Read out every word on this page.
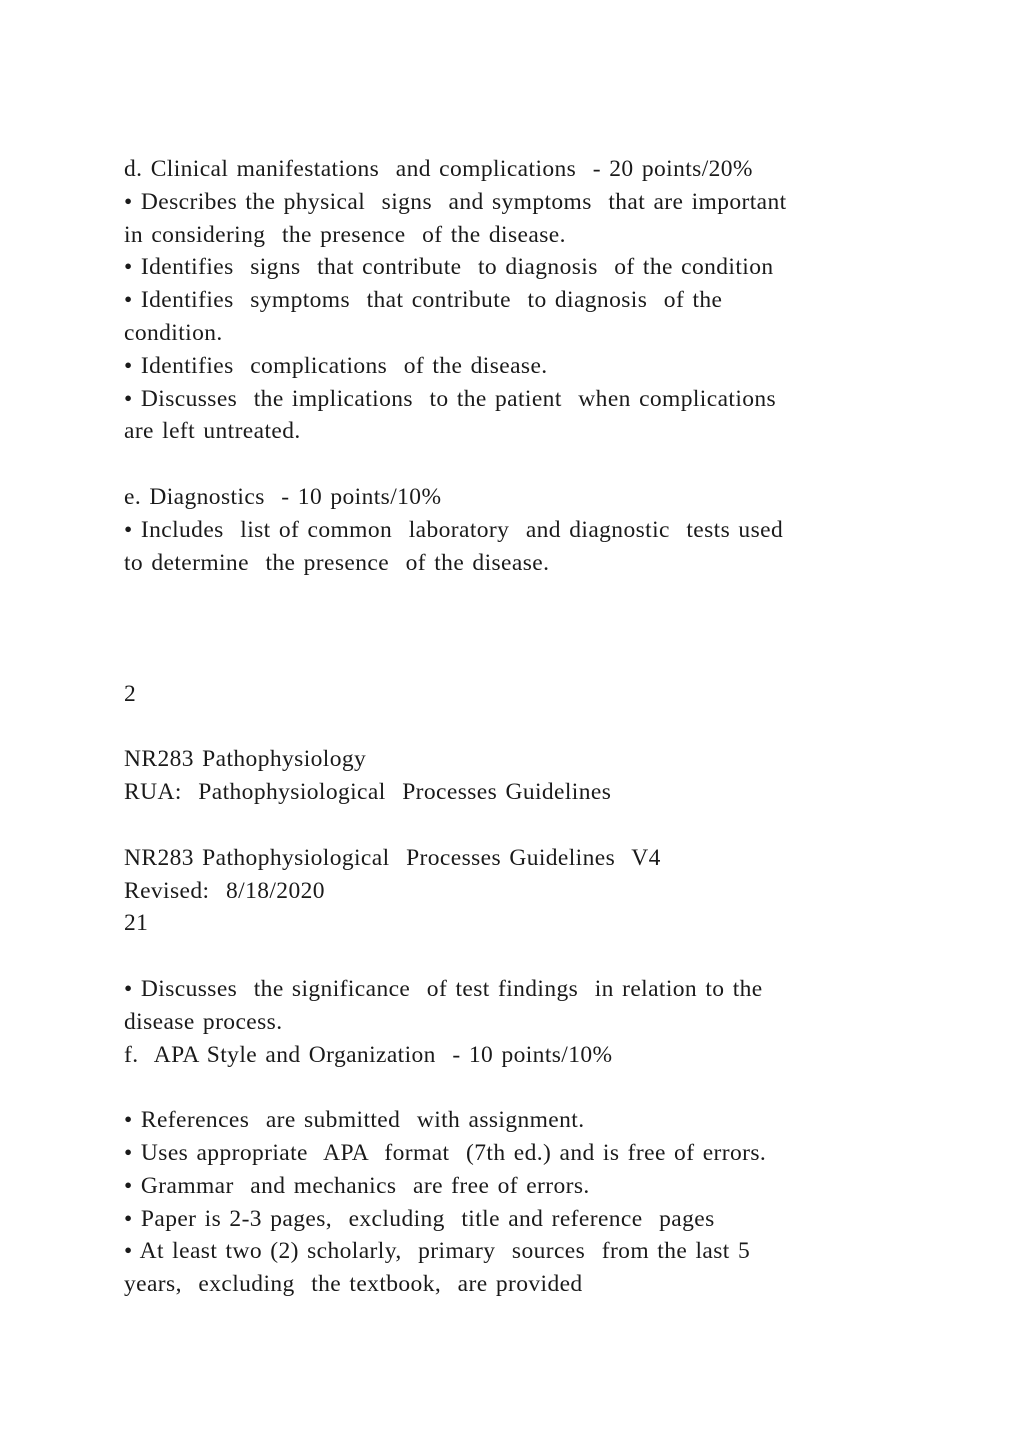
d. Clinical manifestations  and complications  - 20 points/20%
• Describes the physical  signs  and symptoms  that are important
in considering  the presence  of the disease.
• Identifies  signs  that contribute  to diagnosis  of the condition
• Identifies  symptoms  that contribute  to diagnosis  of the
condition.
• Identifies  complications  of the disease.
• Discusses  the implications  to the patient  when complications
are left untreated.
e. Diagnostics  - 10 points/10%
• Includes  list of common  laboratory  and diagnostic  tests used
to determine  the presence  of the disease.
2
NR283 Pathophysiology
RUA:  Pathophysiological  Processes Guidelines
NR283 Pathophysiological  Processes Guidelines  V4
Revised:  8/18/2020
21
• Discusses  the significance  of test findings  in relation to the
disease process.
f.  APA Style and Organization  - 10 points/10%
• References  are submitted  with assignment.
• Uses appropriate  APA  format  (7th ed.) and is free of errors.
• Grammar  and mechanics  are free of errors.
• Paper is 2-3 pages,  excluding  title and reference  pages
• At least two (2) scholarly,  primary  sources  from the last 5
years,  excluding  the textbook,  are provided
